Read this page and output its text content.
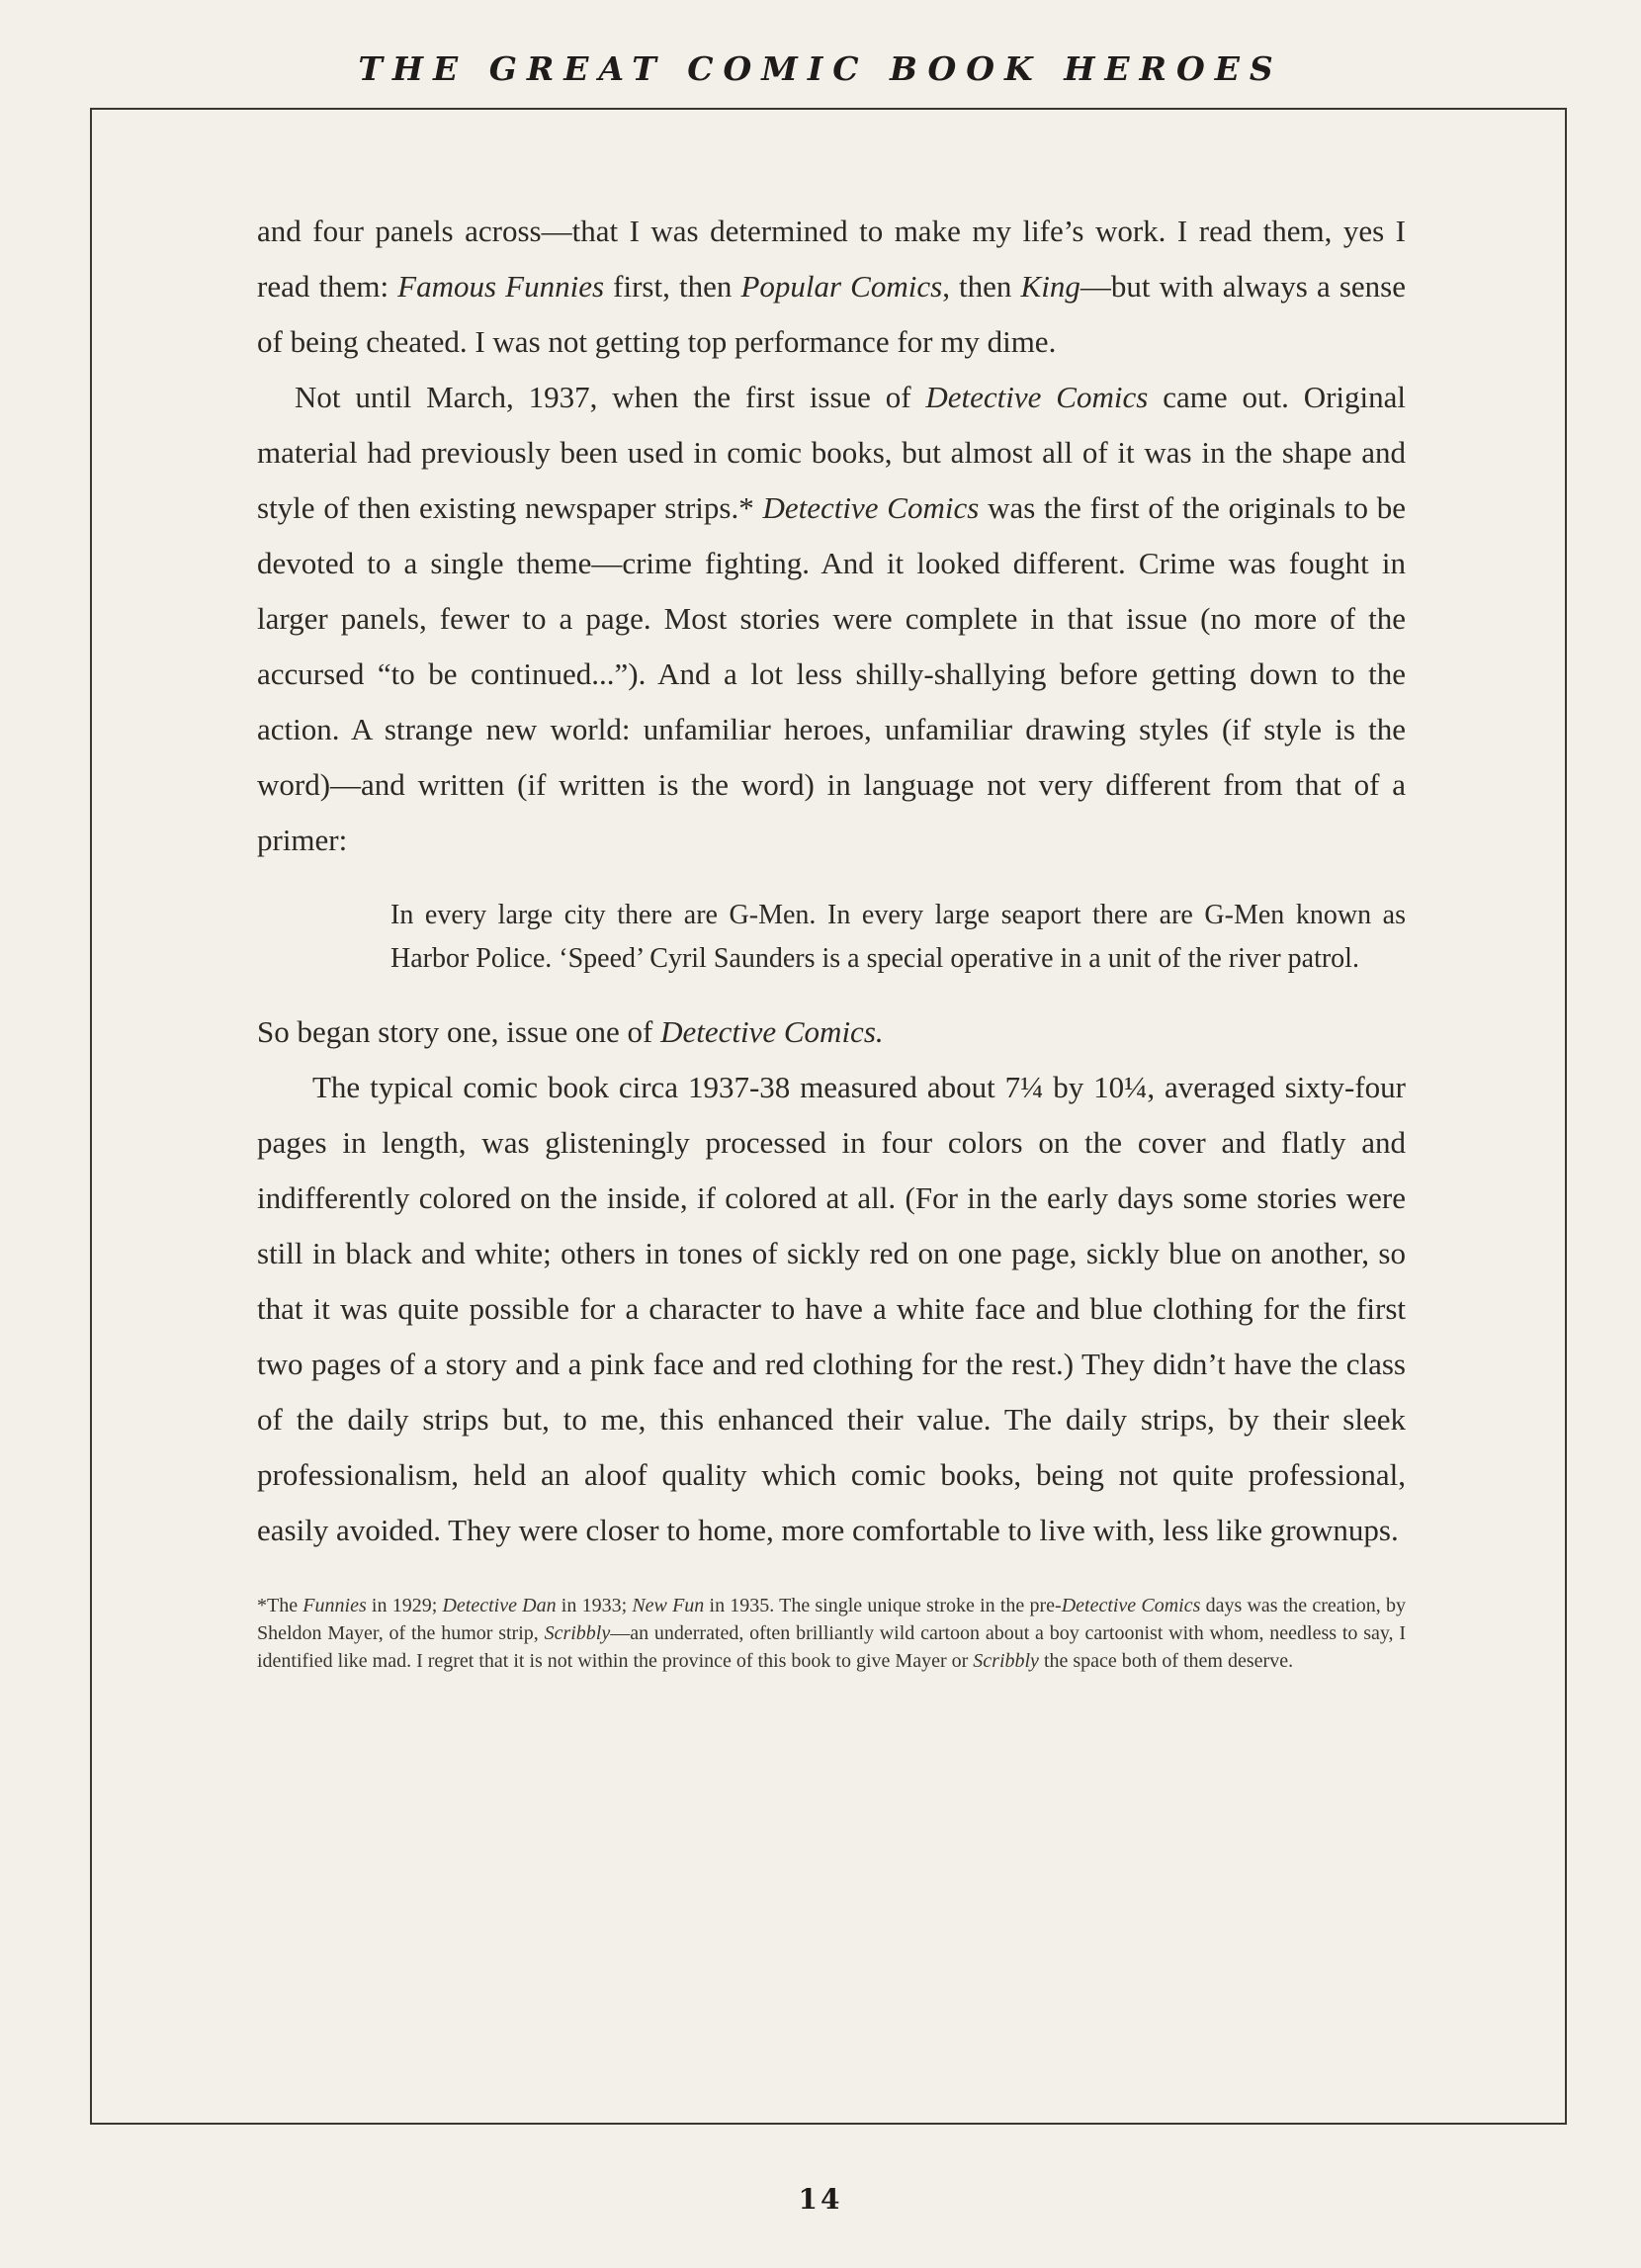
THE GREAT COMIC BOOK HEROES

and four panels across—that I was determined to make my life’s work. I read them, yes I read them: Famous Funnies first, then Popular Comics, then King—but with always a sense of being cheated. I was not getting top performance for my dime.

Not until March, 1937, when the first issue of Detective Comics came out. Original material had previously been used in comic books, but almost all of it was in the shape and style of then existing newspaper strips.* Detective Comics was the first of the originals to be devoted to a single theme—crime fighting. And it looked different. Crime was fought in larger panels, fewer to a page. Most stories were complete in that issue (no more of the accursed “to be continued...”). And a lot less shilly-shallying before getting down to the action. A strange new world: unfamiliar heroes, unfamiliar drawing styles (if style is the word)—and written (if written is the word) in language not very different from that of a primer:

In every large city there are G-Men. In every large seaport there are G-Men known as Harbor Police. ‘Speed’ Cyril Saunders is a special operative in a unit of the river patrol.

So began story one, issue one of Detective Comics.

The typical comic book circa 1937-38 measured about 7¼ by 10¼, averaged sixty-four pages in length, was glisteningly processed in four colors on the cover and flatly and indifferently colored on the inside, if colored at all. (For in the early days some stories were still in black and white; others in tones of sickly red on one page, sickly blue on another, so that it was quite possible for a character to have a white face and blue clothing for the first two pages of a story and a pink face and red clothing for the rest.) They didn’t have the class of the daily strips but, to me, this enhanced their value. The daily strips, by their sleek professionalism, held an aloof quality which comic books, being not quite professional, easily avoided. They were closer to home, more comfortable to live with, less like grownups.

*The Funnies in 1929; Detective Dan in 1933; New Fun in 1935. The single unique stroke in the pre-Detective Comics days was the creation, by Sheldon Mayer, of the humor strip, Scribbly—an underrated, often brilliantly wild cartoon about a boy cartoonist with whom, needless to say, I identified like mad. I regret that it is not within the province of this book to give Mayer or Scribbly the space both of them deserve.

14
